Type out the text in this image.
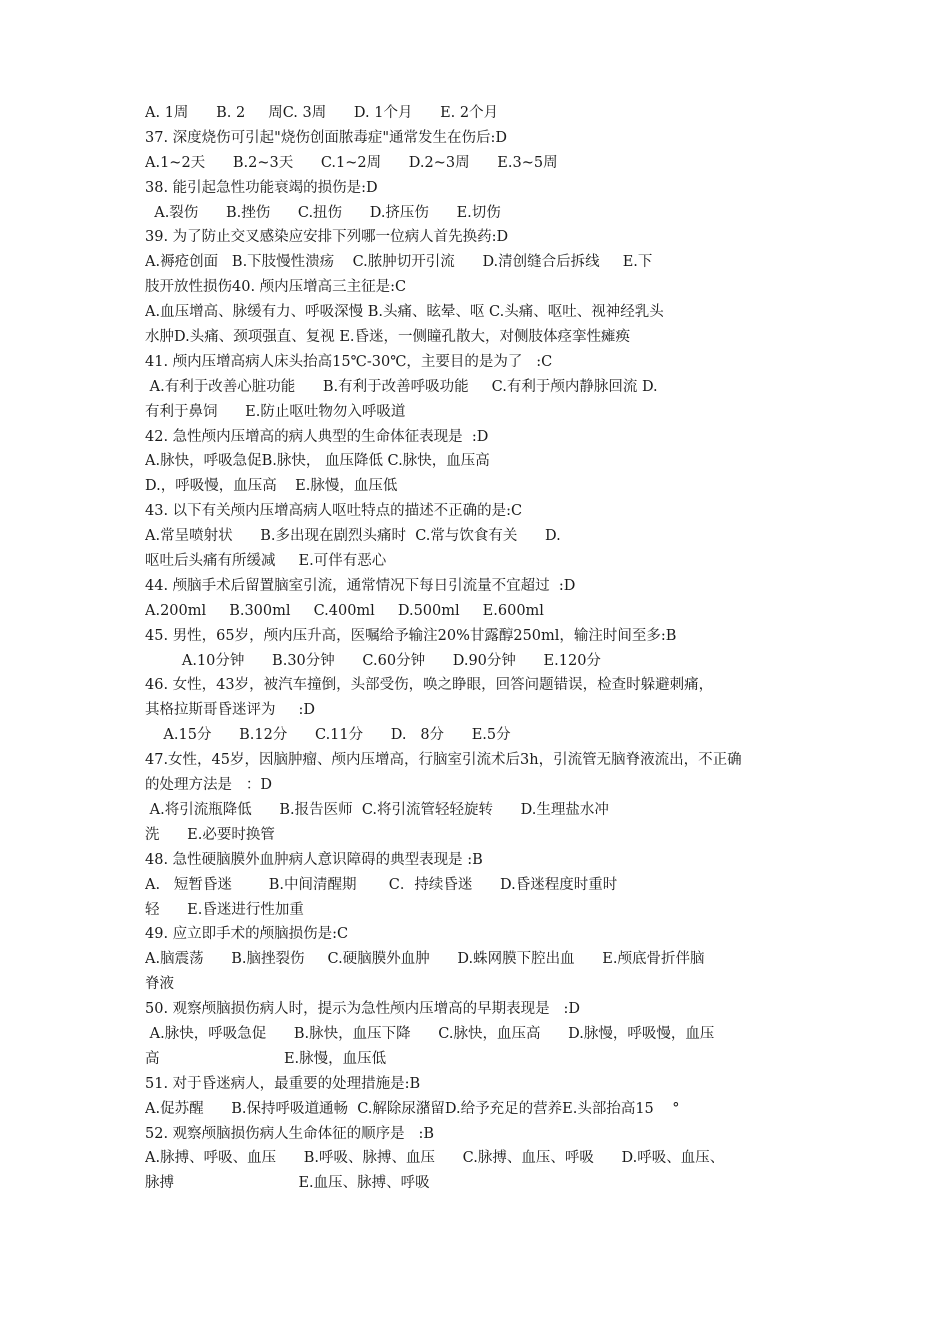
A. 1周      B. 2     周C. 3周      D. 1个月      E. 2个月
37. 深度烧伤可引起"烧伤创面脓毒症"通常发生在伤后:D
A.1~2天      B.2~3天      C.1~2周      D.2~3周      E.3~5周
38. 能引起急性功能衰竭的损伤是:D
A.裂伤      B.挫伤      C.扭伤      D.挤压伤      E.切伤
39. 为了防止交叉感染应安排下列哪一位病人首先换药:D
A.褥疮创面   B.下肢慢性溃疡    C.脓肿切开引流      D.清创缝合后拆线     E.下
肢开放性损伤40. 颅内压增高三主征是:C
A.血压增高、脉缓有力、呼吸深慢 B.头痛、眩晕、呕 C.头痛、呕吐、视神经乳头
水肿D.头痛、颈项强直、复视 E.昏迷，一侧瞳孔散大，对侧肢体痉挛性瘫痪
41. 颅内压增高病人床头抬高15℃-30℃，主要目的是为了   :C
A.有利于改善心脏功能      B.有利于改善呼吸功能     C.有利于颅内静脉回流 D.
有利于鼻饲      E.防止呕吐物勿入呼吸道
42. 急性颅内压增高的病人典型的生命体征表现是  :D
A.脉快，呼吸急促B.脉快， 血压降低 C.脉快，血压高
D.，呼吸慢，血压高    E.脉慢，血压低
43. 以下有关颅内压增高病人呕吐特点的描述不正确的是:C
A.常呈喷射状      B.多出现在剧烈头痛时  C.常与饮食有关      D.
呕吐后头痛有所缓减     E.可伴有恶心
44. 颅脑手术后留置脑室引流，通常情况下每日引流量不宜超过  :D
A.200ml     B.300ml     C.400ml     D.500ml     E.600ml
45. 男性，65岁，颅内压升高，医嘱给予输注20%甘露醇250ml，输注时间至多:B
A.10分钟      B.30分钟      C.60分钟      D.90分钟      E.120分
46. 女性，43岁，被汽车撞倒，头部受伤，唤之睁眼，回答问题错误，检查时躲避刺痛，
其格拉斯哥昏迷评为     :D
A.15分      B.12分      C.11分      D.   8分      E.5分
47.女性，45岁，因脑肿瘤、颅内压增高，行脑室引流术后3h，引流管无脑脊液流出，不正确
的处理方法是   ：D
A.将引流瓶降低      B.报告医师  C.将引流管轻轻旋转      D.生理盐水冲
洗      E.必要时换管
48. 急性硬脑膜外血肿病人意识障碍的典型表现是 :B
A.   短暂昏迷        B.中间清醒期       C．持续昏迷      D.昏迷程度时重时
轻      E.昏迷进行性加重
49. 应立即手术的颅脑损伤是:C
A.脑震荡      B.脑挫裂伤     C.硬脑膜外血肿      D.蛛网膜下腔出血      E.颅底骨折伴脑
脊液
50. 观察颅脑损伤病人时，提示为急性颅内压增高的早期表现是   :D
A.脉快，呼吸急促      B.脉快，血压下降      C.脉快，血压高      D.脉慢，呼吸慢，血压
高                           E.脉慢，血压低
51. 对于昏迷病人，最重要的处理措施是:B
A.促苏醒      B.保持呼吸道通畅  C.解除尿潴留D.给予充足的营养E.头部抬高15    °
52. 观察颅脑损伤病人生命体征的顺序是   :B
A.脉搏、呼吸、血压      B.呼吸、脉搏、血压      C.脉搏、血压、呼吸      D.呼吸、血压、
脉搏                           E.血压、脉搏、呼吸
